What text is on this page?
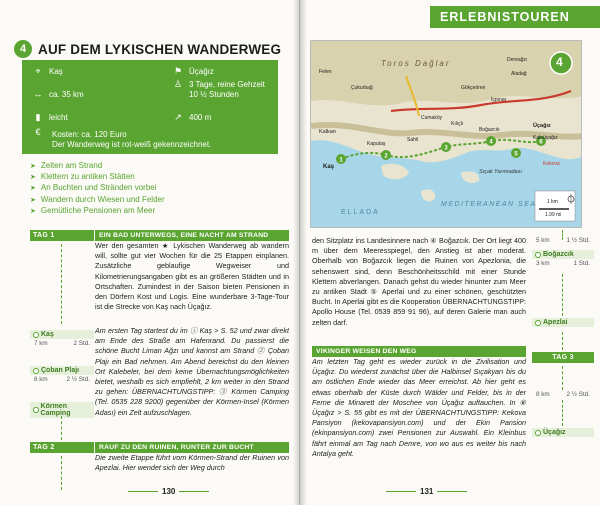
4 AUF DEM LYKISCHEN WANDERWEG
⌖	Kaş	⚑ Üçağız
↔ ca. 35 km
♙ 3 Tage, reine Gehzeit 10 ½ Stunden
▮	leicht	↗ 400 m
€	Kosten: ca. 120 Euro
Der Wanderweg ist rot-weiß gekennzeichnet.
➤ Zelten am Strand
➤ Klettern zu antiken Stätten
➤ An Buchten und Stränden vorbei
➤ Wandern durch Wiesen und Felder
➤ Gemütliche Pensionen am Meer
TAG 1
Kaş
7 km	2 Std.
Çoban Plajı
8 km	2 ½ Std.
Körmen Camping
TAG 2
EIN BAD UNTERWEGS, EINE NACHT AM STRAND

Wer den gesamten ★ Lykischen Wanderweg ab wandern will, sollte gut vier Wochen für die 25 Etappen einplanen. Zusätzliche geblaufige Wegweiser und Kilometrierungsangaben gibt es an größeren Städten und in Ortschaften. Zumindest in der Saison bieten Pensionen in den Dörfern Kost und Logis. Eine wunderbare 3-Tage-Tour ist die Strecke von Kaş nach Üçağız.

Am ersten Tag startest du im ⓘ Kaş > S. 52 und zwar direkt am Ende des Straße am Hafenrand. Du passierst die schöne Bucht Liman Ağzı und kannst am Strand ② Çoban Plajı ein Bad nehmen. Am Abend bereichst du den kleinen Ort Kalebeler, bei dem keine Übernachtungsmöglichkeiten bietet, weshalb es sich empfiehlt, 2 km weiter in den Strand zu gehen: ÜBERNACHTUNGSTIPP: ③ Körmen Camping (Tel. 0535 228 9200) gegenüber der Körmen-Insel (Körmen Adası) ein Zelt aufzuschlagen.

RAUF ZU DEN RUINEN, RUNTER ZUR BUCHT

Die zweite Etappe führt vom Körmen-Strand der Ruinen von Apezlai. Hier wendet sich der Weg durch

130
ERLEBNISTOUREN
1
2
3
4
5
6
4
Toros Dağlar
MEDITERANEAN SEA
ELLADA
Sıçak Yarımadası
Kaş
Kalkan
Üçağız
Boğazcık
Kılıçlı
Kekova
Cumaköy
Çukurbağ
Sahil
Kaputaş
Gökçeören
Aladağ
Felen
İçpınar
Kaleüçağız
Dereağzı
1 km
1.99 mi

den Sitzplatz ins Landesinnere nach ④ Boğazcık. Der Ort liegt 400 m über dem Meeresspiegel, den Anstieg ist aber moderat. Oberhalb von Boğazcık liegen die Ruinen von Apezlonia, die sehenswert sind, denn Beschönheitsschild mit einer Stunde Klettern abverlangen. Danach gehst du wieder hinunter zum Meer zu antiken Stadt ⑤ Aperlai und zu einer schönen, geschützten Bucht. In Aperlai gibt es die Kooperation ÜBERNACHTUNGSTIPP: Apollo House (Tel. 0539 859 91 96), auf deren Galerie man auch zelten darf.

VIKINGER WEISEN DEN WEG

Am letzten Tag geht es wieder zurück in die Zivilisation und Üçağız. Du wiederst zunächst über die Halbinsel Sıçakyarı bis du am östlichen Ende wieder das Meer erreichst. Ab hier geht es etwas oberhalb der Küste durch Wälder und Felder, bis in der Ferne die Minarett der Moschee von Üçağız auftauchen. In ⑥ Üçağız > S. 55 gibt es mit der ÜBERNACHTUNGSTIPP: Kekova Pansiyon (kekovapansiyon.com) und der Ekin Pansion (ekinpansiyon.com) zwei Pensionen zur Auswahl. Ein Kleinbus fährt einmal am Tag nach Demre, von wo aus es weiter bis nach Antalya geht.

5 km	1 ½ Std.
Boğazcık
3 km	1 Std.
Apezlai
TAG 3
8 km	2 ½ Std.
Üçağız
131
